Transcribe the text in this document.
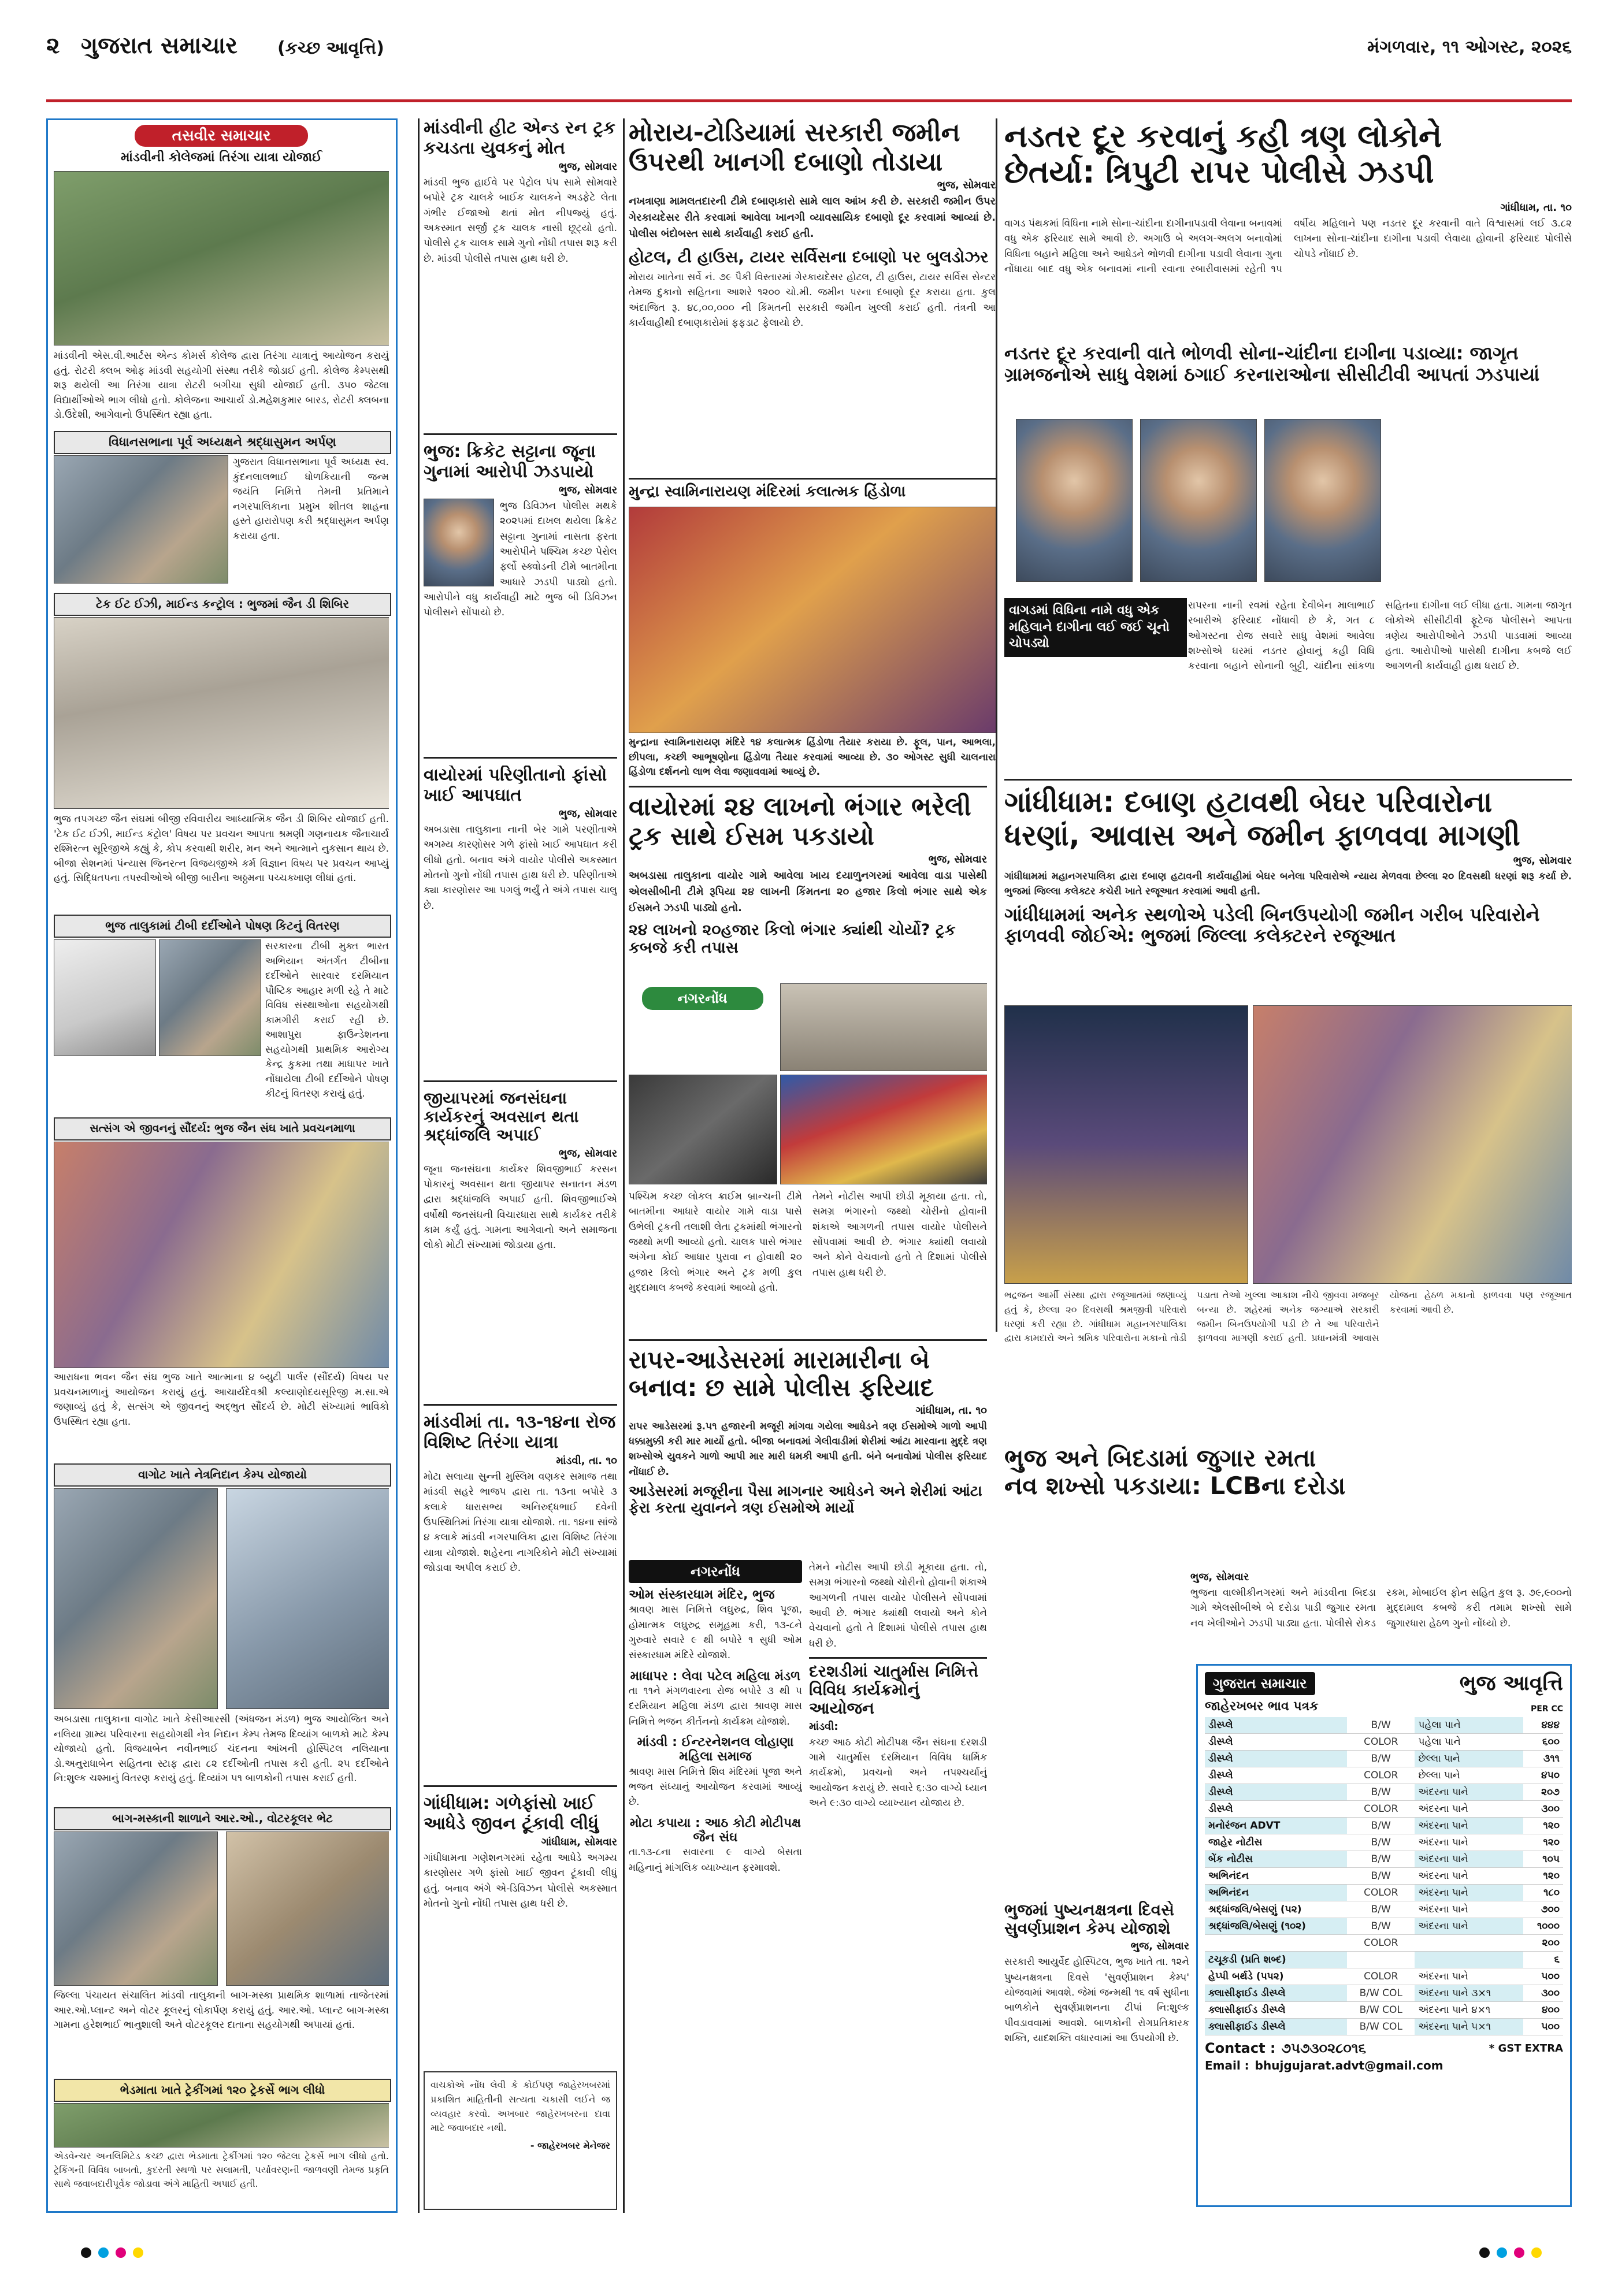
૨ ગુજરાત સમાચાર (કચ્છ આવૃત્તિ)	મંગળવાર, ૧૧ ઓગસ્ટ, ૨૦૨૬
તસવીર સમાચાર
માંડવીની કોલેજમાં તિરંગા યાત્રા યોજાઈ
માંડવીની એસ.વી.આર્ટસ એન્ડ કોમર્સ કોલેજ દ્વારા તિરંગા યાત્રાનું આયોજન કરાયું હતું. રોટરી ક્લબ ઓફ માંડવી સહયોગી સંસ્થા તરીકે જોડાઈ હતી. કોલેજ કેમ્પસથી શરૂ થયેલી આ તિરંગા યાત્રા રોટરી બગીચા સુધી યોજાઈ હતી. ૩૫૦ જેટલા વિદ્યાર્થીઓએ ભાગ લીધો હતો. કોલેજના આચાર્ય ડો.મહેશકુમાર બારડ, રોટરી ક્લબના ડો.ઉદેશી, આગેવાનો ઉપસ્થિત રહ્યા હતા.
વિધાનસભાના પૂર્વ અધ્યક્ષને શ્રદ્ધાસુમન અર્પણ
ગુજરાત વિધાનસભાના પૂર્વ અધ્યક્ષ સ્વ. કુંદનલાલભાઈ ધોળકિયાની જન્મ જયંતિ નિમિત્તે તેમની પ્રતિમાને નગરપાલિકાના પ્રમુખ શીતલ શાહના હસ્તે હારારોપણ કરી શ્રદ્ધાસુમન અર્પણ કરાયા હતા.
ટેક ઈટ ઈઝી, માઈન્ડ કન્ટ્રોલ : ભુજમાં જૈન ડી શિબિર
ભુજ તપગચ્છ જૈન સંઘમાં બીજી રવિવારીય આધ્યાત્મિક જૈન ડી શિબિર યોજાઈ હતી. 'ટેક ઈટ ઈઝી, માઈન્ડ કંટ્રોલ' વિષય પર પ્રવચન આપતા શ્રમણી ગણનાયક જૈનાચાર્ય રશ્મિરત્ન સૂરિજીએ કહ્યું કે, કોપ કરવાથી શરીર, મન અને આત્માને નુકસાન થાય છે. બીજા સેશનમાં પંન્યાસ જિનરત્ન વિજયજીએ કર્મ વિજ્ઞાન વિષય પર પ્રવચન આપ્યું હતું. સિદ્ધિતપના તપસ્વીઓએ બીજી બારીના અઠ્ઠમના પચ્ચક્ખાણ લીધાં હતાં.
ભુજ તાલુકામાં ટીબી દર્દીઓને પોષણ કિટનું વિતરણ
સરકારના ટીબી મુક્ત ભારત અભિયાન અંતર્ગત ટીબીના દર્દીઓને સારવાર દરમિયાન પૌષ્ટિક આહાર મળી રહે તે માટે વિવિધ સંસ્થાઓના સહયોગથી કામગીરી કરાઈ રહી છે. આશાપુરા ફાઉન્ડેશનના સહયોગથી પ્રાથમિક આરોગ્ય કેન્દ્ર કુકમા તથા માધાપર ખાતે નોંધાયેલા ટીબી દર્દીઓને પોષણ કીટનું વિતરણ કરાયું હતું.
સત્સંગ એ જીવનનું સૌંદર્ય: ભુજ જૈન સંઘ ખાતે પ્રવચનમાળા
આરાધના ભવન જૈન સંઘ ભુજ ખાતે આત્માના ૪ બ્યુટી પાર્લર (સૌંદર્ય) વિષય પર પ્રવચનમાળાનું આયોજન કરાયું હતું. આચાર્યદેવશ્રી કલ્યાણોદયસૂરિજી મ.સા.એ જણાવ્યું હતું કે, સત્સંગ એ જીવનનું અદ્ભુત સૌંદર્ય છે. મોટી સંખ્યામાં ભાવિકો ઉપસ્થિત રહ્યા હતા.
વાગોટ ખાતે નેત્રનિદાન કેમ્પ યોજાયો
અબડાસા તાલુકાના વાગોટ ખાતે કેસીઆરસી (અંધજન મંડળ) ભુજ આયોજિત અને નલિયા ગ્રામ્ય પરિવારના સહયોગથી નેત્ર નિદાન કેમ્પ તેમજ દિવ્યાંગ બાળકો માટે કેમ્પ યોજાયો હતો. વિજયાબેન નવીનભાઈ ચંદનના આંખની હોસ્પિટલ નલિયાના ડો.અનુરાધાબેન સહિતના સ્ટાફ દ્વારા ૮૨ દર્દીઓની તપાસ કરી હતી. ૨૫ દર્દીઓને નિ:શુલ્ક ચશ્માનું વિતરણ કરાયું હતું. દિવ્યાંગ ૫૧ બાળકોની તપાસ કરાઈ હતી.
બાગ-મસ્કાની શાળાને આર.ઓ., વોટરકૂલર ભેટ
જિલ્લા પંચાયત સંચાલિત માંડવી તાલુકાની બાગ-મસ્કા પ્રાથમિક શાળામાં તાજેતરમાં આર.ઓ.પ્લાન્ટ અને વોટર કૂલરનું લોકાર્પણ કરાયું હતું. આર.ઓ. પ્લાન્ટ બાગ-મસ્કા ગામના હરેશભાઈ ભાનુશાલી અને વોટરકૂલર દાતાના સહયોગથી અપાયાં હતાં.
ભેડમાતા ખાતે ટ્રેકીંગમાં ૧૨૦ ટ્રેકર્સે ભાગ લીધો
એડવેન્ચર અનલિમિટેડ કચ્છ દ્વારા ભેડમાતા ટ્રેકીંગમાં ૧૨૦ જેટલા ટ્રેકર્સે ભાગ લીધો હતો. ટ્રેકિંગની વિવિધ બાબતો, કુદરતી સ્થળો પર સલામતી, પર્યાવરણની જાળવણી તેમજ પ્રકૃતિ સાથે જવાબદારીપૂર્વક જોડાવા અંગે માહિતી અપાઈ હતી.
માંડવીની હીટ એન્ડ રન ટ્રક કચડતા યુવકનું મોત
ભુજ, સોમવાર
માંડવી ભુજ હાઈવે પર પેટ્રોલ પંપ સામે સોમવારે બપોરે ટ્રક ચાલકે બાઈક ચાલકને અડફેટે લેતા ગંભીર ઈજાઓ થતાં મોત નીપજ્યું હતું. અકસ્માત સર્જી ટ્રક ચાલક નાસી છૂટ્યો હતો. પોલીસે ટ્રક ચાલક સામે ગુનો નોંધી તપાસ શરૂ કરી છે. માંડવી પોલીસે તપાસ હાથ ધરી છે.
ભુજ: ક્રિકેટ સટ્ટાના જૂના ગુનામાં આરોપી ઝડપાયો
ભુજ, સોમવાર
ભુજ ડિવિઝન પોલીસ મથકે ૨૦૨૫માં દાખલ થયેલા ક્રિકેટ સટ્ટાના ગુનામાં નાસતા ફરતા આરોપીને પશ્ચિમ કચ્છ પેરોલ ફર્લો સ્ક્વોડની ટીમે બાતમીના આધારે ઝડપી પાડ્યો હતો. આરોપીને વધુ કાર્યવાહી માટે ભુજ બી ડિવિઝન પોલીસને સોંપાયો છે.
વાયોરમાં પરિણીતાનો ફાંસો ખાઈ આપઘાત
ભુજ, સોમવાર
અબડાસા તાલુકાના નાની બેર ગામે પરણીતાએ અગમ્ય કારણોસર ગળે ફાંસો ખાઈ આપઘાત કરી લીધો હતો. બનાવ અંગે વાયોર પોલીસે અકસ્માત મોતનો ગુનો નોંધી તપાસ હાથ ધરી છે. પરિણીતાએ ક્યા કારણોસર આ પગલું ભર્યું તે અંગે તપાસ ચાલુ છે.
જીયાપરમાં જનસંઘના કાર્યકરનું અવસાન થતા શ્રદ્ધાંજલિ અપાઈ
ભુજ, સોમવાર
જૂના જનસંઘના કાર્યકર શિવજીભાઈ કરસન પોકારનું અવસાન થતા જીયાપર સનાતન મંડળ દ્વારા શ્રદ્ધાંજલિ અપાઈ હતી. શિવજીભાઈએ વર્ષોથી જનસંઘની વિચારધારા સાથે કાર્યકર તરીકે કામ કર્યું હતું. ગામના આગેવાનો અને સમાજના લોકો મોટી સંખ્યામાં જોડાયા હતા.
માંડવીમાં તા. ૧૩-૧૪ના રોજ વિશિષ્ટ તિરંગા યાત્રા
માંડવી, તા. ૧૦
મોટા સલાયા સુન્ની મુસ્લિમ વણકર સમાજ તથા માંડવી સહરે ભાજપ દ્વારા તા. ૧૩ના બપોરે ૩ કલાકે ધારાસભ્ય અનિરુદ્ધભાઈ દવેની ઉપસ્થિતિમાં તિરંગા યાત્રા યોજાશે. તા. ૧૪ના સાંજે ૪ કલાકે માંડવી નગરપાલિકા દ્વારા વિશિષ્ટ તિરંગા યાત્રા યોજાશે. શહેરના નાગરિકોને મોટી સંખ્યામાં જોડાવા અપીલ કરાઈ છે.
ગાંધીધામ: ગળેફાંસો ખાઈ આધેડે જીવન ટૂંકાવી લીધું
ગાંધીધામ, સોમવાર
ગાંધીધામના ગણેશનગરમાં રહેતા આધેડે અગમ્ય કારણોસર ગળે ફાંસો ખાઈ જીવન ટૂંકાવી લીધું હતું. બનાવ અંગે એ-ડિવિઝન પોલીસે અકસ્માત મોતનો ગુનો નોંધી તપાસ હાથ ધરી છે.
વાચકોએ નોંધ લેવી કે કોઈપણ જાહેરખબરમાં પ્રકાશિત માહિતીની સત્યતા ચકાસી લઈને જ વ્યવહાર કરવો. અખબાર જાહેરખબરના દાવા માટે જવાબદાર નથી.
- જાહેરખબર મેનેજર
મોરાય-ટોડિયામાં સરકારી જમીન ઉપરથી ખાનગી દબાણો તોડાયા
ભુજ, સોમવાર
નખત્રાણા મામલતદારની ટીમે દબાણકારો સામે લાલ આંખ કરી છે. સરકારી જમીન ઉપર ગેરકાયદેસર રીતે કરવામાં આવેલા ખાનગી વ્યાવસાયિક દબાણો દૂર કરવામાં આવ્યાં છે. પોલીસ બંદોબસ્ત સાથે કાર્યવાહી કરાઈ હતી.
હોટલ, ટી હાઉસ, ટાયર સર્વિસના દબાણો પર બુલડોઝર
મોરાય ખાતેના સર્વે નં. ૭૯ પૈકી વિસ્તારમાં ગેરકાયદેસર હોટલ, ટી હાઉસ, ટાયર સર્વિસ સેન્ટર તેમજ દુકાનો સહિતના આશરે ૧૨૦૦ ચો.મી. જમીન પરના દબાણો દૂર કરાયા હતા. કુલ અંદાજિત રૂ. ૪૮,૦૦,૦૦૦ ની કિંમતની સરકારી જમીન ખુલ્લી કરાઈ હતી. તંત્રની આ કાર્યવાહીથી દબાણકારોમાં ફફડાટ ફેલાયો છે.
મુન્દ્રા સ્વામિનારાયણ મંદિરમાં કલાત્મક હિંડોળા
મુન્દ્રાના સ્વામિનારાયણ મંદિરે ૧૪ કલાત્મક હિંડોળા તૈયાર કરાયા છે. ફૂલ, પાન, આભલા, છીપલા, કચ્છી આભૂષણોના હિંડોળા તૈયાર કરવામાં આવ્યા છે. ૩૦ ઓગસ્ટ સુધી ચાલનારા હિંડોળા દર્શનનો લાભ લેવા જણાવવામાં આવ્યું છે.
વાયોરમાં ૨૪ લાખનો ભંગાર ભરેલી ટ્રક સાથે ઈસમ પકડાયો
ભુજ, સોમવાર
અબડાસા તાલુકાના વાયોર ગામે આવેલા ખાય દયાળુનગરમાં આવેલા વાડા પાસેથી એલસીબીની ટીમે રૂપિયા ૨૪ લાખની કિંમતના ૨૦ હજાર કિલો ભંગાર સાથે એક ઈસમને ઝડપી પાડ્યો હતો.
૨૪ લાખનો ૨૦હજાર કિલો ભંગાર ક્યાંથી ચોર્યો? ટ્રક કબજે કરી તપાસ
પશ્ચિમ કચ્છ લોકલ ક્રાઈમ બ્રાન્ચની ટીમે બાતમીના આધારે વાયોર ગામે વાડા પાસે ઉભેલી ટ્રકની તલાશી લેતા ટ્રકમાંથી ભંગારનો જથ્થો મળી આવ્યો હતો. ચાલક પાસે ભંગાર અંગેના કોઈ આધાર પુરાવા ન હોવાથી ૨૦ હજાર કિલો ભંગાર અને ટ્રક મળી કુલ મુદ્દામાલ કબજે કરવામાં આવ્યો હતો.
તેમને નોટીસ આપી છોડી મૂકાયા હતા. તો, સમગ્ર ભંગારનો જથ્થો ચોરીનો હોવાની શંકાએ આગળની તપાસ વાયોર પોલીસને સોંપવામાં આવી છે. ભંગાર ક્યાંથી લવાયો અને કોને વેચવાનો હતો તે દિશામાં પોલીસે તપાસ હાથ ધરી છે.
નગરનોંધ
રાપર-આડેસરમાં મારામારીના બે બનાવ: છ સામે પોલીસ ફરિયાદ
ગાંધીધામ, તા. ૧૦
રાપર આડેસરમાં રૂ.૫૧ હજારની મજૂરી માંગવા ગયેલા આધેડને ત્રણ ઈસમોએ ગાળો આપી ધક્કામુક્કી કરી માર માર્યો હતો. બીજા બનાવમાં ગેલીવાડીમાં શેરીમાં આંટા મારવાના મુદ્દે ત્રણ શખ્સોએ યુવકને ગાળો આપી માર મારી ધમકી આપી હતી. બંને બનાવોમાં પોલીસ ફરિયાદ નોંધાઈ છે.
આડેસરમાં મજૂરીના પૈસા માગનાર આધેડને અને શેરીમાં આંટા ફેરા કરતા યુવાનને ત્રણ ઈસમોએ માર્યો
નગરનોંધ
ઓમ સંસ્કારધામ મંદિર, ભુજ
શ્રાવણ માસ નિમિત્તે લઘુરુદ્ર, શિવ પૂજા, હોમાત્મક લઘુરુદ્ર સમૂહમા કરી, ૧૩-૮ને ગુરુવારે સવારે ૯ થી બપોરે ૧ સુધી ઓમ સંસ્કારધામ મંદિરે યોજાશે.
માધાપર : લેવા પટેલ મહિલા મંડળ
તા ૧૧ને મંગળવારના રોજ બપોરે ૩ થી ૫ દરમિયાન મહિલા મંડળ દ્વારા શ્રાવણ માસ નિમિત્તે ભજન કીર્તનનો કાર્યક્રમ યોજાશે.
માંડવી : ઈન્ટરનેશનલ લોહાણા મહિલા સમાજ
શ્રાવણ માસ નિમિત્તે શિવ મંદિરમાં પૂજા અને ભજન સંધ્યાનું આયોજન કરવામાં આવ્યું છે.
મોટા કપાયા : આઠ કોટી મોટીપક્ષ જૈન સંઘ
તા.૧૩-૮ના સવારના ૯ વાગ્યે બેસતા મહિનાનું માંગલિક વ્યાખ્યાન ફરમાવશે.
તેમને નોટીસ આપી છોડી મૂકાયા હતા. તો, સમગ્ર ભંગારનો જથ્થો ચોરીનો હોવાની શંકાએ આગળની તપાસ વાયોર પોલીસને સોંપવામાં આવી છે. ભંગાર ક્યાંથી લવાયો અને કોને વેચવાનો હતો તે દિશામાં પોલીસે તપાસ હાથ ધરી છે.
દરશડીમાં ચાતુર્માસ નિમિત્તે વિવિધ કાર્યક્રમોનું આયોજન
માંડવી:
કચ્છ આઠ કોટી મોટીપક્ષ જૈન સંઘના દરશડી ગામે ચાતુર્માસ દરમિયાન વિવિધ ધાર્મિક કાર્યક્રમો, પ્રવચનો અને તપશ્ચર્યાનું આયોજન કરાયું છે. સવારે ૬:૩૦ વાગ્યે ધ્યાન અને ૯:૩૦ વાગ્યે વ્યાખ્યાન યોજાય છે.
નડતર દૂર કરવાનું કહી ત્રણ લોકોને
છેતર્યા: ત્રિપુટી રાપર પોલીસે ઝડપી
ગાંધીધામ, તા. ૧૦
વાગડ પંથકમાં વિધિના નામે સોના-ચાંદીના દાગીનાપડાવી લેવાના બનાવમાં વધુ એક ફરિયાદ સામે આવી છે. અગાઉ બે અલગ-અલગ બનાવોમાં વિધિના બહાને મહિલા અને આધેડને ભોળવી દાગીના પડાવી લેવાના ગુના નોંધાયા બાદ વધુ એક બનાવમાં નાની રવાના રબારીવાસમાં રહેતી ૧૫ વર્ષીય મહિલાને પણ નડતર દૂર કરવાની વાતે વિશ્વાસમાં લઈ ૩.૮૨ લાખના સોના-ચાંદીના દાગીના પડાવી લેવાયા હોવાની ફરિયાદ પોલીસે ચોપડે નોંધાઈ છે.
નડતર દૂર કરવાની વાતે ભોળવી સોના-ચાંદીના દાગીના પડાવ્યા: જાગૃત ગ્રામજનોએ સાધુ વેશમાં ઠગાઈ કરનારાઓના સીસીટીવી આપતાં ઝડપાયાં
વાગડમાં વિધિના નામે વધુ એક મહિલાને દાગીના લઈ જઈ ચૂનો ચોપડ્યો
રાપરના નાની રવમાં રહેતા દેવીબેન માલાભાઈ રબારીએ ફરિયાદ નોંધાવી છે કે, ગત ૮ ઓગસ્ટના રોજ સવારે સાધુ વેશમાં આવેલા શખ્સોએ ઘરમાં નડતર હોવાનું કહી વિધિ કરવાના બહાને સોનાની બુટ્ટી, ચાંદીના સાંકળા સહિતના દાગીના લઈ લીધા હતા. ગામના જાગૃત લોકોએ સીસીટીવી ફૂટેજ પોલીસને આપતા ત્રણેય આરોપીઓને ઝડપી પાડવામાં આવ્યા હતા. આરોપીઓ પાસેથી દાગીના કબજે લઈ આગળની કાર્યવાહી હાથ ધરાઈ છે.
ગાંધીધામ: દબાણ હટાવથી બેઘર પરિવારોના
ધરણાં, આવાસ અને જમીન ફાળવવા માગણી
ભુજ, સોમવાર
ગાંધીધામમાં મહાનગરપાલિકા દ્વારા દબાણ હટાવની કાર્યવાહીમાં બેઘર બનેલા પરિવારોએ ન્યાય મેળવવા છેલ્લા ૨૦ દિવસથી ધરણાં શરૂ કર્યા છે. ભુજમાં જિલ્લા કલેક્ટર કચેરી ખાતે રજૂઆત કરવામાં આવી હતી.
ગાંધીધામમાં અનેક સ્થળોએ પડેલી બિનઉપયોગી જમીન ગરીબ પરિવારોને ફાળવવી જોઈએ: ભુજમાં જિલ્લા કલેક્ટરને રજૂઆત
ભદ્રજન આર્મી સંસ્થા દ્વારા રજૂઆતમાં જણાવ્યું હતું કે, છેલ્લા ૨૦ દિવસથી શ્રમજીવી પરિવારો ધરણાં કરી રહ્યા છે. ગાંધીધામ મહાનગરપાલિકા દ્વારા કામદારો અને શ્રમિક પરિવારોના મકાનો તોડી પડાતા તેઓ ખુલ્લા આકાશ નીચે જીવવા મજબૂર બન્યા છે. શહેરમાં અનેક જગ્યાએ સરકારી જમીન બિનઉપયોગી પડી છે તે આ પરિવારોને ફાળવવા માગણી કરાઈ હતી. પ્રધાનમંત્રી આવાસ યોજના હેઠળ મકાનો ફાળવવા પણ રજૂઆત કરવામાં આવી છે.
ભુજ અને બિદડામાં જુગાર રમતા
નવ શખ્સો પકડાયા: LCBના દરોડા
ભુજ, સોમવાર
ભુજના વાલ્મીકીનગરમાં અને માંડવીના બિદડા ગામે એલસીબીએ બે દરોડા પાડી જુગાર રમતા નવ ખેલીઓને ઝડપી પાડ્યા હતા. પોલીસે રોકડ રકમ, મોબાઈલ ફોન સહિત કુલ રૂ. ૭૯,૯૦૦નો મુદ્દામાલ કબજે કરી તમામ શખ્સો સામે જુગારધારા હેઠળ ગુનો નોંધ્યો છે.
ભુજમાં પુષ્યનક્ષત્રના દિવસે સુવર્ણપ્રાશન કેમ્પ યોજાશે
ભુજ, સોમવાર
સરકારી આયુર્વેદ હોસ્પિટલ, ભુજ ખાતે તા. ૧૨ને પુષ્યનક્ષત્રના દિવસે 'સુવર્ણપ્રાશન કેમ્પ' યોજવામાં આવશે. જેમાં જન્મથી ૧૬ વર્ષ સુધીના બાળકોને સુવર્ણપ્રાશનના ટીપાં નિ:શુલ્ક પીવડાવવામાં આવશે. બાળકોની રોગપ્રતિકારક શક્તિ, યાદશક્તિ વધારવામાં આ ઉપયોગી છે.
ગુજરાત સમાચાર	ભુજ આવૃત્તિ
જાહેરખબર ભાવ પત્રક	PER CC
ડીસ્પ્લે	B/W	પહેલા પાને	૪૪૪
ડીસ્પ્લે	COLOR	પહેલા પાને	૬૦૦
ડીસ્પ્લે	B/W	છેલ્લા પાને	૩૧૧
ડીસ્પ્લે	COLOR	છેલ્લા પાને	૪૫૦
ડીસ્પ્લે	B/W	અંદરના પાને	૨૦૭
ડીસ્પ્લે	COLOR	અંદરના પાને	૩૦૦
મનોરંજન ADVT	B/W	અંદરના પાને	૧૨૦
જાહેર નોટીસ	B/W	અંદરના પાને	૧૨૦
બેંક નોટીસ	B/W	અંદરના પાને	૧૦૫
અભિનંદન	B/W	અંદરના પાને	૧૨૦
અભિનંદન	COLOR	અંદરના પાને	૧૮૦
શ્રદ્ધાંજલિ/બેસણું (૫૨)	B/W	અંદરના પાને	૭૦૦
શ્રદ્ધાંજલિ/બેસણું (૧૦૨)	B/W	અંદરના પાને	૧૦૦૦
	COLOR		૨૦૦
ટચૂકડી (પ્રતિ શબ્દ)			૬
હેપ્પી બર્થડે (પપ૨)	COLOR	અંદરના પાને	૫૦૦
ક્લાસીફાઈડ ડીસ્પ્લે	B/W COL	અંદરના પાને ૩×૧	૩૦૦
ક્લાસીફાઈડ ડીસ્પ્લે	B/W COL	અંદરના પાને ૪×૧	૪૦૦
ક્લાસીફાઈડ ડીસ્પ્લે	B/W COL	અંદરના પાને ૫×૧	૫૦૦
Contact : ૭૫૭૩૦૨૮૦૧૬	* GST EXTRA
Email : bhujgujarat.advt@gmail.com
